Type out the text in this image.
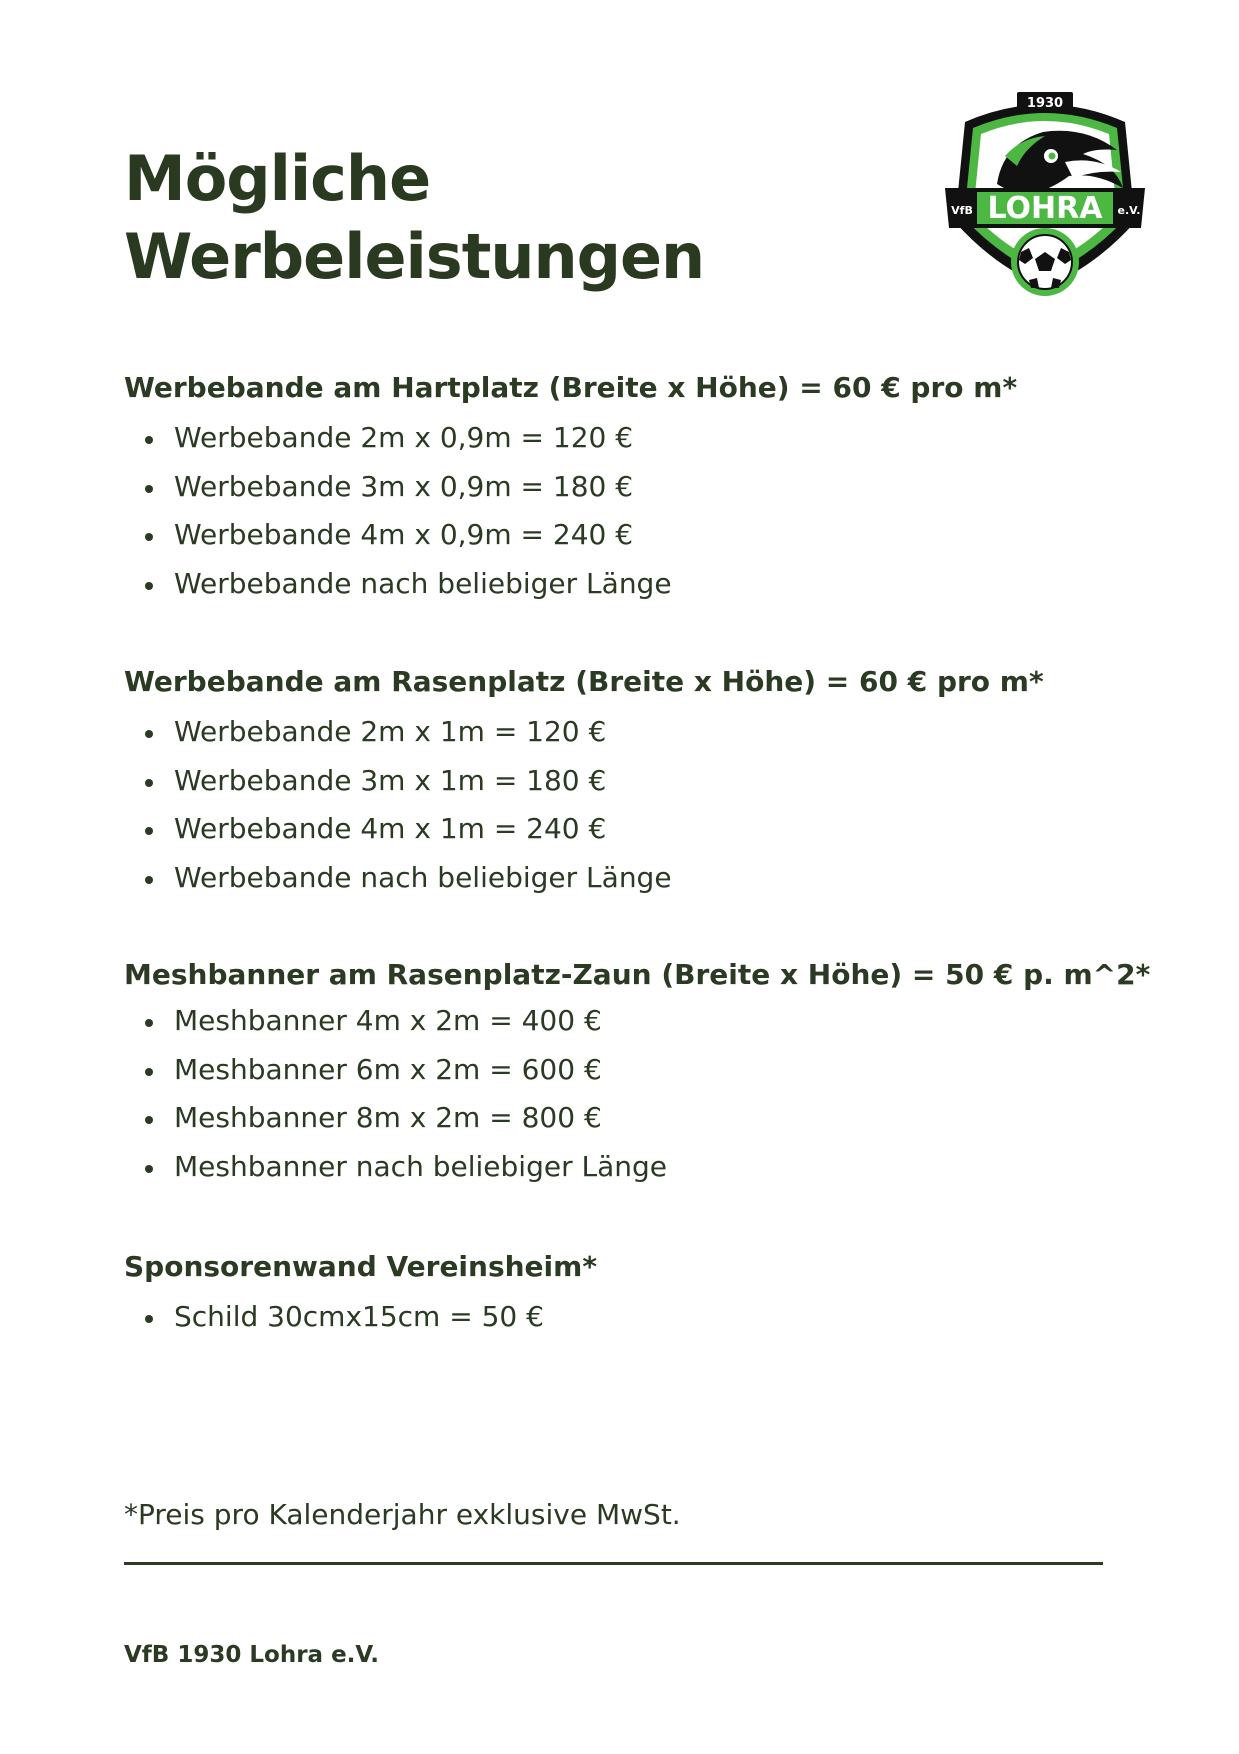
Mögliche
Werbeleistungen
1930
VfB LOHRA e.V.
Werbebande am Hartplatz (Breite x Höhe) = 60 € pro m*
Werbebande 2m x 0,9m = 120 €
Werbebande 3m x 0,9m = 180 €
Werbebande 4m x 0,9m = 240 €
Werbebande nach beliebiger Länge
Werbebande am Rasenplatz (Breite x Höhe) = 60 € pro m*
Werbebande 2m x 1m = 120 €
Werbebande 3m x 1m = 180 €
Werbebande 4m x 1m = 240 €
Werbebande nach beliebiger Länge
Meshbanner am Rasenplatz-Zaun (Breite x Höhe) = 50 € p. m^2*
Meshbanner 4m x 2m = 400 €
Meshbanner 6m x 2m = 600 €
Meshbanner 8m x 2m = 800 €
Meshbanner nach beliebiger Länge
Sponsorenwand Vereinsheim*
Schild 30cmx15cm = 50 €

*Preis pro Kalenderjahr exklusive MwSt.

VfB 1930 Lohra e.V.
